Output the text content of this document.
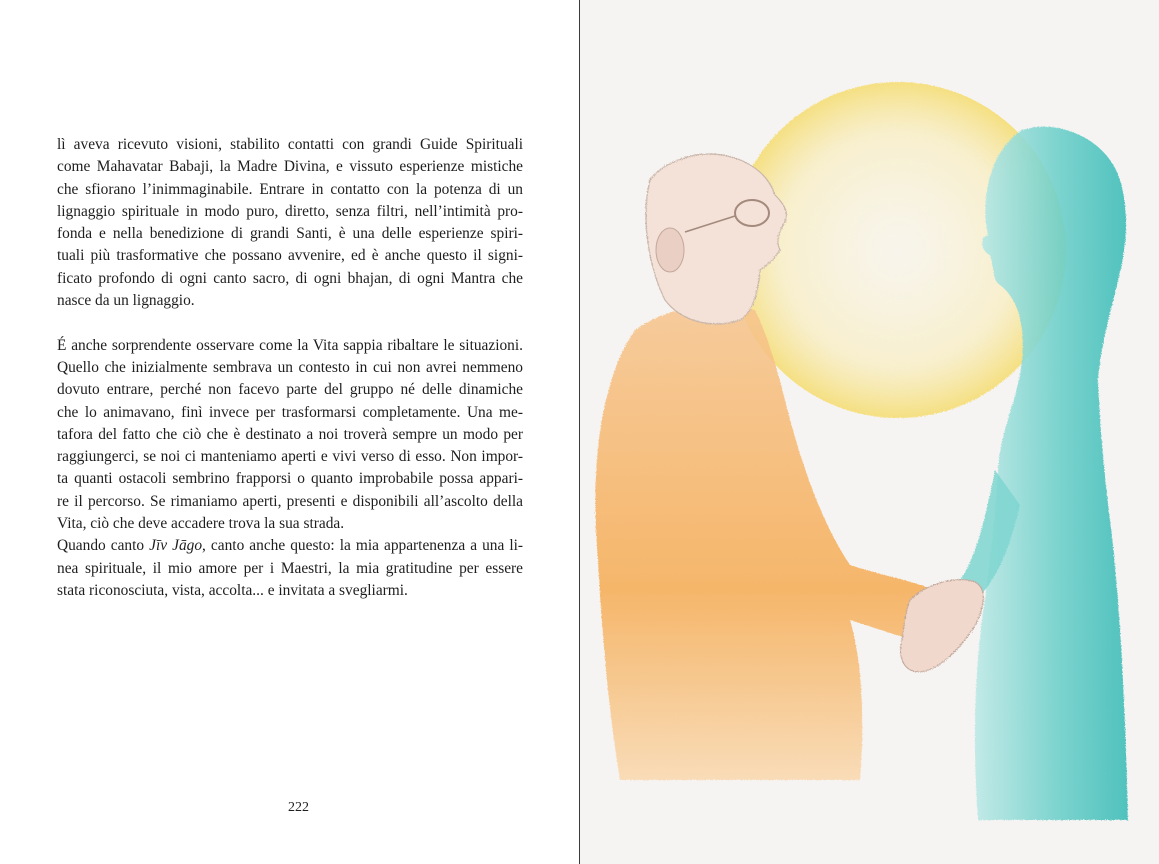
lì aveva ricevuto visioni, stabilito contatti con grandi Guide Spirituali
come Mahavatar Babaji, la Madre Divina, e vissuto esperienze mistiche
che sfiorano l’inimmaginabile. Entrare in contatto con la potenza di un
lignaggio spirituale in modo puro, diretto, senza filtri, nell’intimità pro-
fonda e nella benedizione di grandi Santi, è una delle esperienze spiri-
tuali più trasformative che possano avvenire, ed è anche questo il signi-
ficato profondo di ogni canto sacro, di ogni bhajan, di ogni Mantra che
nasce da un lignaggio.

É anche sorprendente osservare come la Vita sappia ribaltare le situazioni.
Quello che inizialmente sembrava un contesto in cui non avrei nemmeno
dovuto entrare, perché non facevo parte del gruppo né delle dinamiche
che lo animavano, finì invece per trasformarsi completamente. Una me-
tafora del fatto che ciò che è destinato a noi troverà sempre un modo per
raggiungerci, se noi ci manteniamo aperti e vivi verso di esso. Non impor-
ta quanti ostacoli sembrino frapporsi o quanto improbabile possa appari-
re il percorso. Se rimaniamo aperti, presenti e disponibili all’ascolto della
Vita, ciò che deve accadere trova la sua strada.

Quando canto Jīv Jāgo, canto anche questo: la mia appartenenza a una li-
nea spirituale, il mio amore per i Maestri, la mia gratitudine per essere
stata riconosciuta, vista, accolta... e invitata a svegliarmi.

222
